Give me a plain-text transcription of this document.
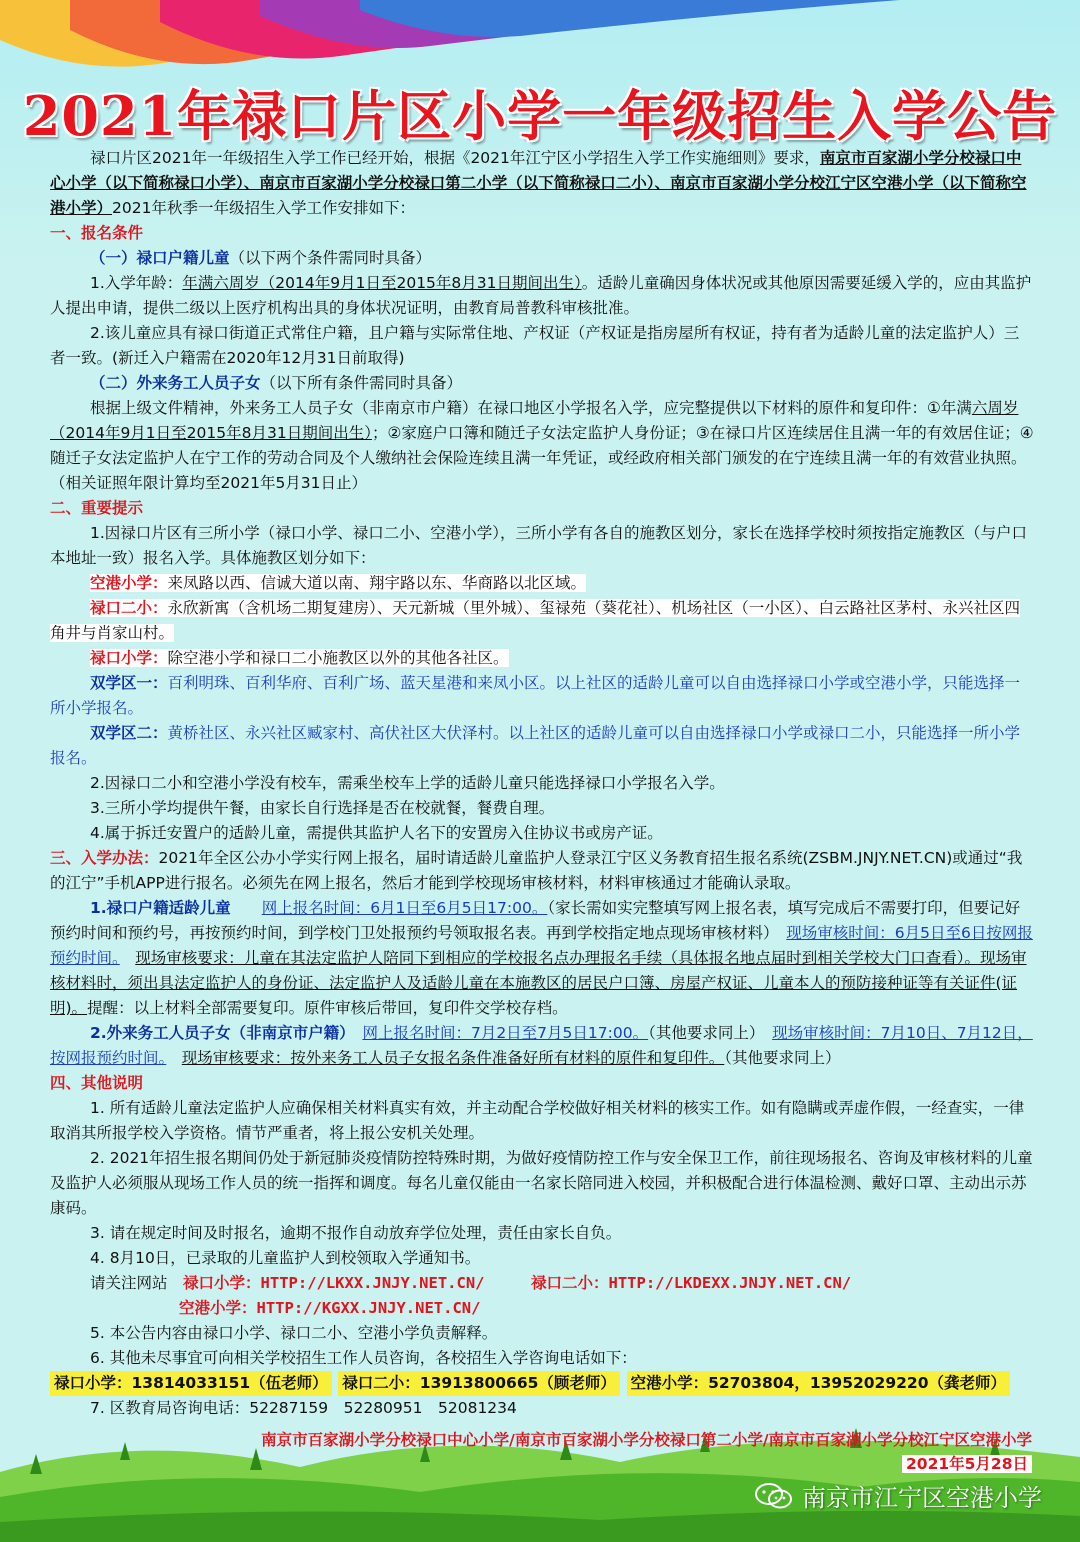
2021年禄口片区小学一年级招生入学公告

禄口片区2021年一年级招生入学工作已经开始，根据《2021年江宁区小学招生入学工作实施细则》要求，南京市百家湖小学分校禄口中心小学（以下简称禄口小学）、南京市百家湖小学分校禄口第二小学（以下简称禄口二小）、南京市百家湖小学分校江宁区空港小学（以下简称空港小学）2021年秋季一年级招生入学工作安排如下：

一、报名条件

（一）禄口户籍儿童（以下两个条件需同时具备）

1.入学年龄：年满六周岁（2014年9月1日至2015年8月31日期间出生）。适龄儿童确因身体状况或其他原因需要延缓入学的，应由其监护人提出申请，提供二级以上医疗机构出具的身体状况证明，由教育局普教科审核批准。

2.该儿童应具有禄口街道正式常住户籍，且户籍与实际常住地、产权证（产权证是指房屋所有权证，持有者为适龄儿童的法定监护人）三者一致。(新迁入户籍需在2020年12月31日前取得)

（二）外来务工人员子女（以下所有条件需同时具备）

根据上级文件精神，外来务工人员子女（非南京市户籍）在禄口地区小学报名入学，应完整提供以下材料的原件和复印件：①年满六周岁（2014年9月1日至2015年8月31日期间出生）；②家庭户口簿和随迁子女法定监护人身份证；③在禄口片区连续居住且满一年的有效居住证；④随迁子女法定监护人在宁工作的劳动合同及个人缴纳社会保险连续且满一年凭证，或经政府相关部门颁发的在宁连续且满一年的有效营业执照。（相关证照年限计算均至2021年5月31日止）

二、重要提示

1.因禄口片区有三所小学（禄口小学、禄口二小、空港小学），三所小学有各自的施教区划分，家长在选择学校时须按指定施教区（与户口本地址一致）报名入学。具体施教区划分如下：

空港小学：来凤路以西、信诚大道以南、翔宇路以东、华商路以北区域。

禄口二小：永欣新寓（含机场二期复建房）、天元新城（里外城）、玺禄苑（葵花社）、机场社区（一小区）、白云路社区茅村、永兴社区四角井与肖家山村。

禄口小学：除空港小学和禄口二小施教区以外的其他各社区。

双学区一：百利明珠、百利华府、百利广场、蓝天星港和来凤小区。以上社区的适龄儿童可以自由选择禄口小学或空港小学，只能选择一所小学报名。

双学区二：黄桥社区、永兴社区臧家村、高伏社区大伏泽村。以上社区的适龄儿童可以自由选择禄口小学或禄口二小，只能选择一所小学报名。

2.因禄口二小和空港小学没有校车，需乘坐校车上学的适龄儿童只能选择禄口小学报名入学。

3.三所小学均提供午餐，由家长自行选择是否在校就餐，餐费自理。

4.属于拆迁安置户的适龄儿童，需提供其监护人名下的安置房入住协议书或房产证。

三、入学办法：2021年全区公办小学实行网上报名，届时请适龄儿童监护人登录江宁区义务教育招生报名系统(ZSBM.JNJY.NET.CN)或通过“我的江宁”手机APP进行报名。必须先在网上报名，然后才能到学校现场审核材料，材料审核通过才能确认录取。

1.禄口户籍适龄儿童　　 网上报名时间：6月1日至6月5日17:00。（家长需如实完整填写网上报名表，填写完成后不需要打印，但要记好预约时间和预约号，再按预约时间，到学校门卫处报预约号领取报名表。再到学校指定地点现场审核材料）　 现场审核时间：6月5日至6日按网报预约时间。　 现场审核要求：儿童在其法定监护人陪同下到相应的学校报名点办理报名手续（具体报名地点届时到相关学校大门口查看）。现场审核材料时，须出具法定监护人的身份证、法定监护人及适龄儿童在本施教区的居民户口簿、房屋产权证、儿童本人的预防接种证等有关证件(证明)。提醒：以上材料全部需要复印。原件审核后带回，复印件交学校存档。

2.外来务工人员子女（非南京市户籍）　 网上报名时间：7月2日至7月5日17:00。（其他要求同上）　 现场审核时间：7月10日、7月12日，按网报预约时间。　 现场审核要求：按外来务工人员子女报名条件准备好所有材料的原件和复印件。（其他要求同上）

四、其他说明

1. 所有适龄儿童法定监护人应确保相关材料真实有效，并主动配合学校做好相关材料的核实工作。如有隐瞒或弄虚作假，一经查实，一律取消其所报学校入学资格。情节严重者，将上报公安机关处理。

2. 2021年招生报名期间仍处于新冠肺炎疫情防控特殊时期，为做好疫情防控工作与安全保卫工作，前往现场报名、咨询及审核材料的儿童及监护人必须服从现场工作人员的统一指挥和调度。每名儿童仅能由一名家长陪同进入校园，并积极配合进行体温检测、戴好口罩、主动出示苏康码。

3. 请在规定时间及时报名，逾期不报作自动放弃学位处理，责任由家长自负。

4. 8月10日，已录取的儿童监护人到校领取入学通知书。

请关注网站　 禄口小学：HTTP://LKXX.JNJY.NET.CN/　　　	禄口二小：HTTP://LKDEXX.JNJY.NET.CN/

空港小学：HTTP://KGXX.JNJY.NET.CN/

5. 本公告内容由禄口小学、禄口二小、空港小学负责解释。

6. 其他未尽事宜可向相关学校招生工作人员咨询，各校招生入学咨询电话如下：

禄口小学：13814033151（伍老师） 禄口二小：13913800665（顾老师） 空港小学：52703804，13952029220（龚老师）

7. 区教育局咨询电话：52287159　52280951　52081234

南京市百家湖小学分校禄口中心小学/南京市百家湖小学分校禄口第二小学/南京市百家湖小学分校江宁区空港小学
2021年5月28日
南京市江宁区空港小学
